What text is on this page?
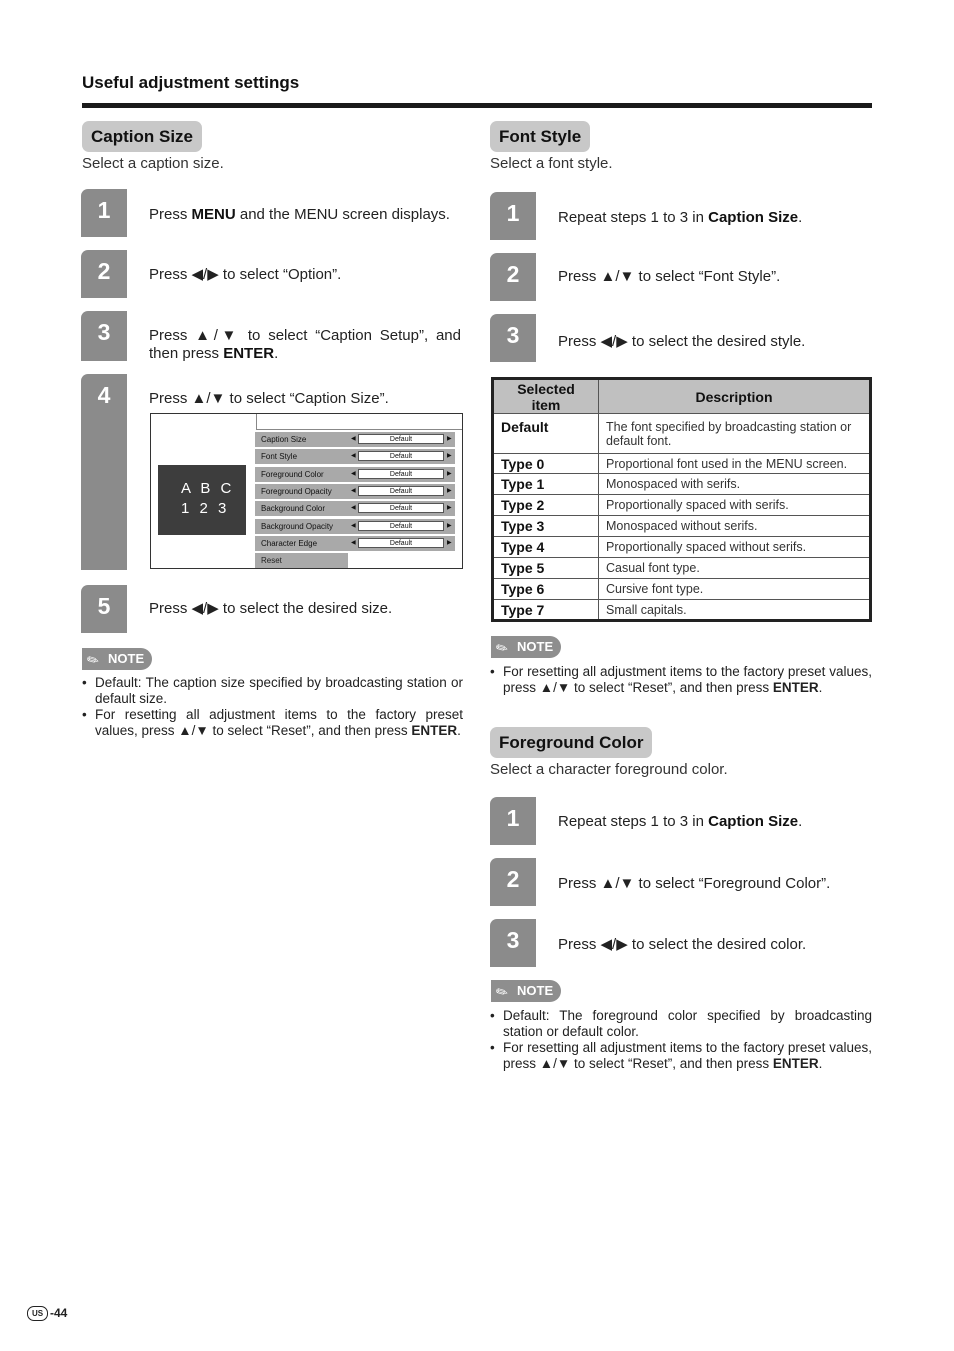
Useful adjustment settings
Caption Size
Select a caption size.
1	Press MENU and the MENU screen displays.
2	Press ◀/▶ to select “Option”.
3	Press ▲/▼ to select “Caption Setup”, and then press ENTER.
4	Press ▲/▼ to select “Caption Size”.
A B C
1 2 3
Caption Size	◀	Default	▶
Font Style	◀	Default	▶
Foreground Color	◀	Default	▶
Foreground Opacity	◀	Default	▶
Background Color	◀	Default	▶
Background Opacity	◀	Default	▶
Character Edge	◀	Default	▶
Reset
5	Press ◀/▶ to select the desired size.
✎ NOTE
• Default: The caption size specified by broadcasting station or default size.
• For resetting all adjustment items to the factory preset values, press ▲/▼ to select “Reset”, and then press ENTER.
Font Style
Select a font style.
1	Repeat steps 1 to 3 in Caption Size.
2	Press ▲/▼ to select “Font Style”.
3	Press ◀/▶ to select the desired style.
Selected item	Description
Default	The font specified by broadcasting station or default font.
Type 0	Proportional font used in the MENU screen.
Type 1	Monospaced with serifs.
Type 2	Proportionally spaced with serifs.
Type 3	Monospaced without serifs.
Type 4	Proportionally spaced without serifs.
Type 5	Casual font type.
Type 6	Cursive font type.
Type 7	Small capitals.
✎ NOTE
• For resetting all adjustment items to the factory preset values, press ▲/▼ to select “Reset”, and then press ENTER.
Foreground Color
Select a character foreground color.
1	Repeat steps 1 to 3 in Caption Size.
2	Press ▲/▼ to select “Foreground Color”.
3	Press ◀/▶ to select the desired color.
✎ NOTE
• Default: The foreground color specified by broadcasting station or default color.
• For resetting all adjustment items to the factory preset values, press ▲/▼ to select “Reset”, and then press ENTER.
US -44
